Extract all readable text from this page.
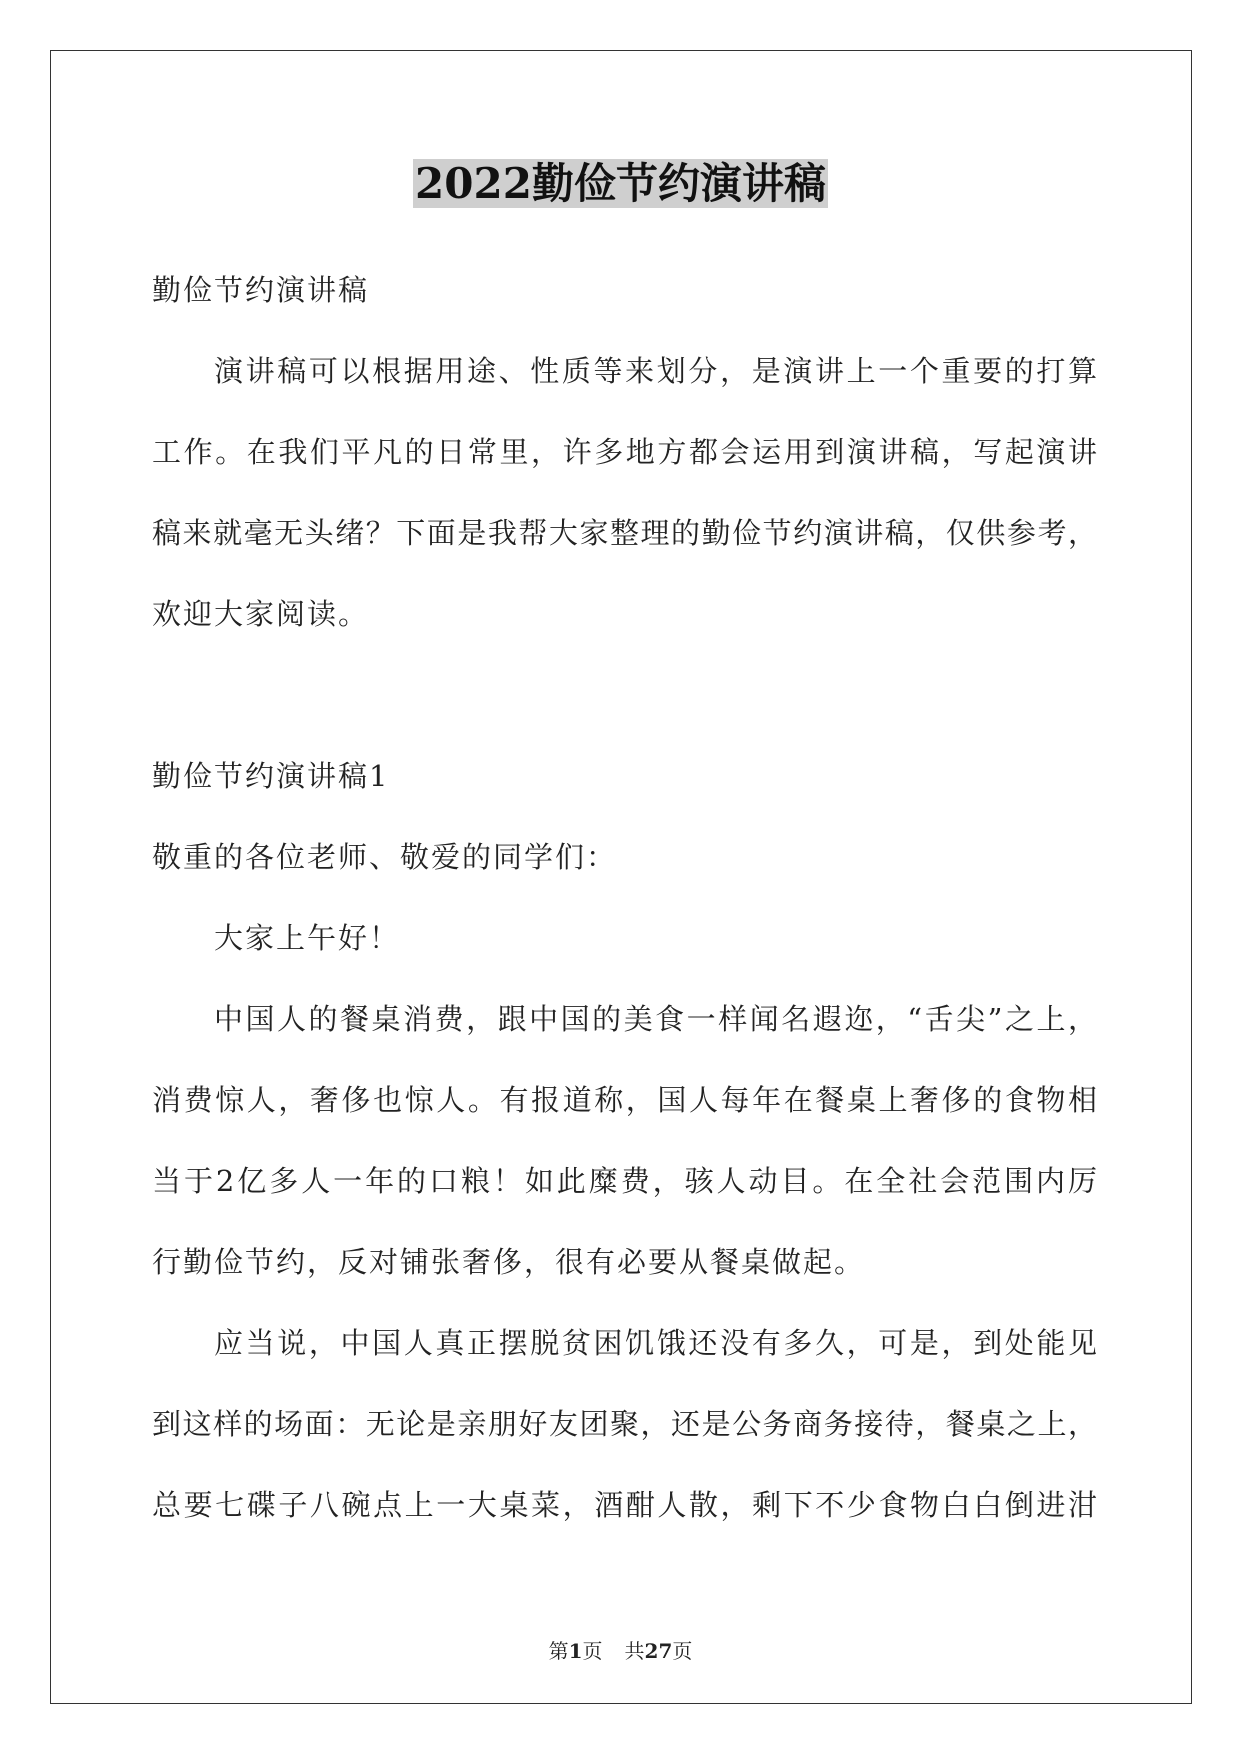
2022勤俭节约演讲稿
勤俭节约演讲稿
演讲稿可以根据用途、性质等来划分，是演讲上一个重要的打算
工作。在我们平凡的日常里，许多地方都会运用到演讲稿，写起演讲
稿来就毫无头绪？下面是我帮大家整理的勤俭节约演讲稿，仅供参考，
欢迎大家阅读。
勤俭节约演讲稿1
敬重的各位老师、敬爱的同学们：
大家上午好！
中国人的餐桌消费，跟中国的美食一样闻名遐迩，“舌尖”之上，
消费惊人，奢侈也惊人。有报道称，国人每年在餐桌上奢侈的食物相
当于2亿多人一年的口粮！如此糜费，骇人动目。在全社会范围内厉
行勤俭节约，反对铺张奢侈，很有必要从餐桌做起。
应当说，中国人真正摆脱贫困饥饿还没有多久，可是，到处能见
到这样的场面：无论是亲朋好友团聚，还是公务商务接待，餐桌之上，
总要七碟子八碗点上一大桌菜，酒酣人散，剩下不少食物白白倒进泔
第1页 共27页
